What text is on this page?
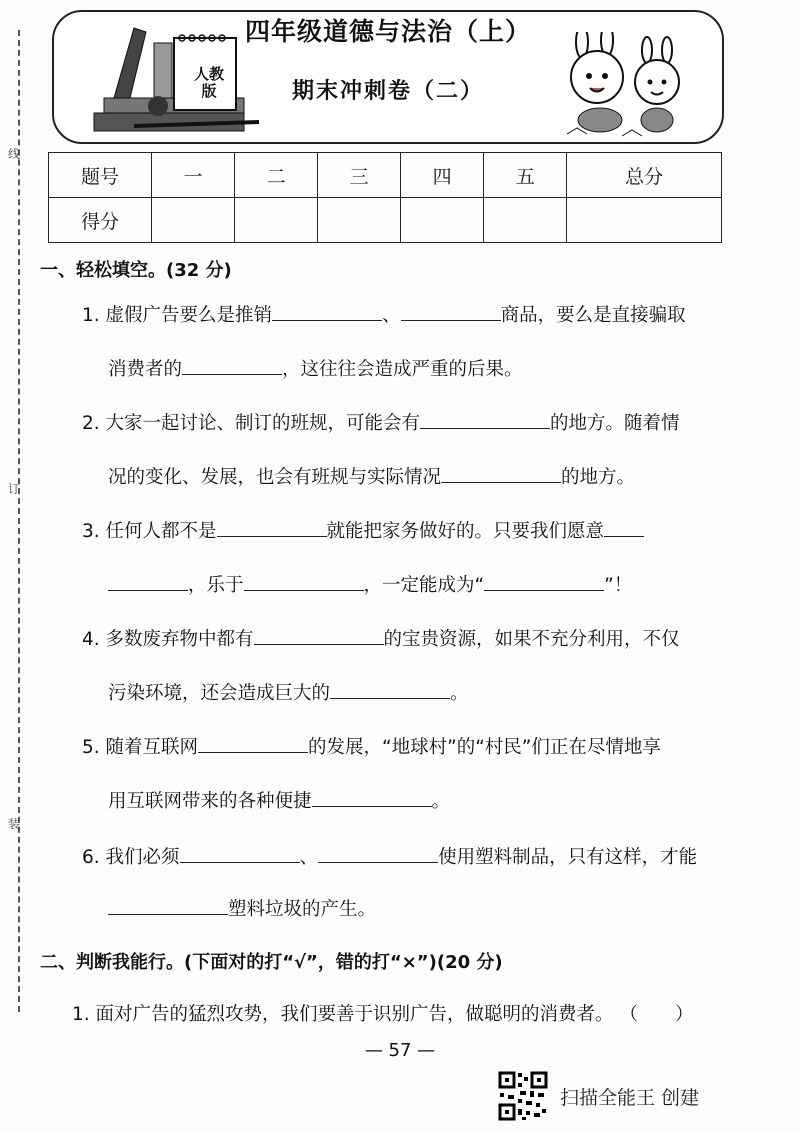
线
订
装
人教版
四年级道德与法治（上）
期末冲刺卷（二）
题号	一	二	三	四	五	总分
得分						
一、轻松填空。(32 分)
1. 虚假广告要么是推销	、	商品，要么是直接骗取
消费者的	，这往往会造成严重的后果。
2. 大家一起讨论、制订的班规，可能会有	的地方。随着情
况的变化、发展，也会有班规与实际情况	的地方。
3. 任何人都不是	就能把家务做好的。只要我们愿意
，乐于	，一定能成为“	”！
4. 多数废弃物中都有	的宝贵资源，如果不充分利用，不仅
污染环境，还会造成巨大的	。
5. 随着互联网	的发展，“地球村”的“村民”们正在尽情地享
用互联网带来的各种便捷	。
6. 我们必须	、	使用塑料制品，只有这样，才能
塑料垃圾的产生。
二、判断我能行。(下面对的打“√”，错的打“×”)(20 分)
1. 面对广告的猛烈攻势，我们要善于识别广告，做聪明的消费者。 （　　）
— 57 —
扫描全能王 创建
